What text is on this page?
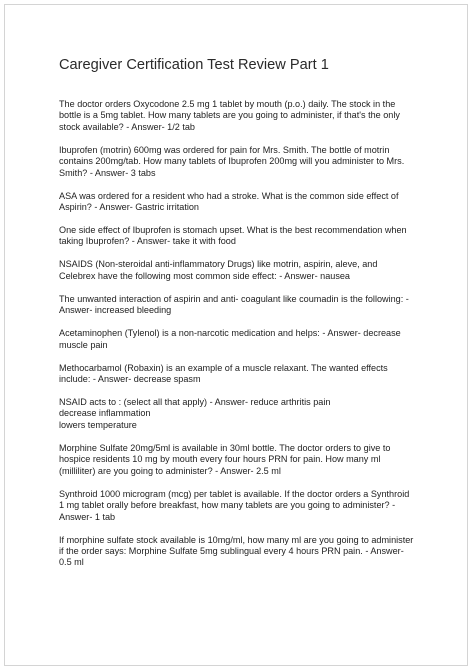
Caregiver Certification Test Review Part 1
The doctor orders Oxycodone 2.5 mg 1 tablet by mouth (p.o.) daily. The stock in the
bottle is a 5mg tablet. How many tablets are you going to administer, if that's the only
stock available? - Answer- 1/2 tab
Ibuprofen (motrin) 600mg was ordered for pain for Mrs. Smith. The bottle of motrin
contains 200mg/tab. How many tablets of Ibuprofen 200mg will you administer to Mrs.
Smith? - Answer- 3 tabs
ASA was ordered for a resident who had a stroke. What is the common side effect of
Aspirin? - Answer- Gastric irritation
One side effect of Ibuprofen is stomach upset. What is the best recommendation when
taking Ibuprofen? - Answer- take it with food
NSAIDS (Non-steroidal anti-inflammatory Drugs) like motrin, aspirin, aleve, and
Celebrex have the following most common side effect: - Answer- nausea
The unwanted interaction of aspirin and anti- coagulant like coumadin is the following: -
Answer- increased bleeding
Acetaminophen (Tylenol) is a non-narcotic medication and helps: - Answer- decrease
muscle pain
Methocarbamol (Robaxin) is an example of a muscle relaxant. The wanted effects
include: - Answer- decrease spasm
NSAID acts to : (select all that apply) - Answer- reduce arthritis pain
decrease inflammation
lowers temperature
Morphine Sulfate 20mg/5ml is available in 30ml bottle. The doctor orders to give to
hospice residents 10 mg by mouth every four hours PRN for pain. How many ml
(milliliter) are you going to administer? - Answer- 2.5 ml
Synthroid 1000 microgram (mcg) per tablet is available. If the doctor orders a Synthroid
1 mg tablet orally before breakfast, how many tablets are you going to administer? -
Answer- 1 tab
If morphine sulfate stock available is 10mg/ml, how many ml are you going to administer
if the order says: Morphine Sulfate 5mg sublingual every 4 hours PRN pain. - Answer-
0.5 ml
